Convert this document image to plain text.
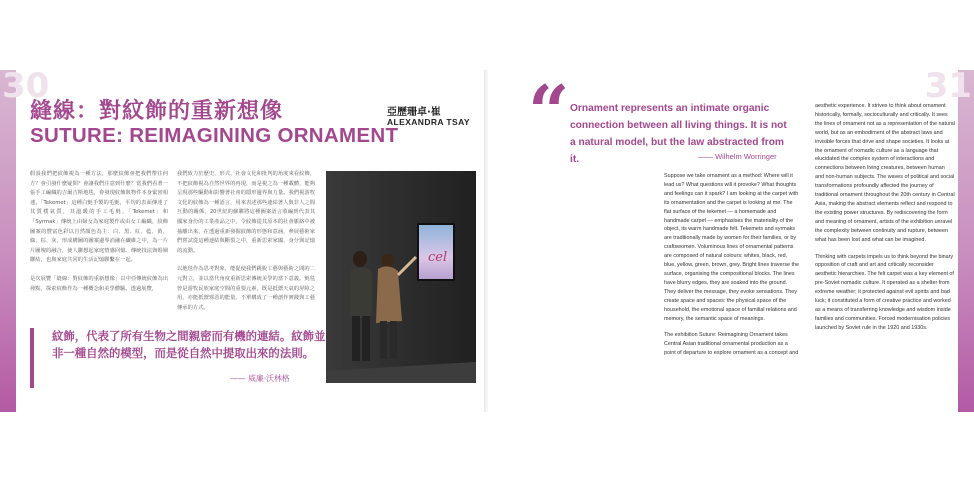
30
縫線：對紋飾的重新想像
SUTURE: REIMAGINING ORNAMENT
亞歷珊卓·崔
ALEXANDRA TSAY

假設我們把紋飾視為一種方法，那麼紋飾會把我們帶往何方？會引發什麼疑問？會讓我們注意到什麼？當我們看著一張手工編織的吉爾吉斯地毯，會發現紋飾與物件本身緊密相連。「Tekemet」這種白氈手製的毛氈，平均的表面傳達了其質樸氣質，其溫暖的手工毛氈，「Tekemet」和「Syrmak」傳統上由婦女為家庭製作或由女工編織，紋飾圖案的豐富色彩以自然顏色為主：白、黑、紅、藍、黃、綠、棕、灰，形成構圖的圖案邊界消融在纖維之中，為一片片圖塊的融合，使人聯想起家庭情感回憶、傳統技法與婚姻聯結，也與家庭共同的生活記憶聯繫在一起。

是次展覽「縫線：對紋飾的重新想像」以中亞傳統紋飾為出發點，探索紋飾作為一種概念和美學體驗。透過展覽，

我們致力於歷史、形式、社會文化和批判的角度來看紋飾，不把紋飾視為自然世界的再現，而是視之為一種載體，能夠呈現那些驅動和影響著社會的隱形邊界與力量。我們視游牧文化的紋飾為一種語言，用來表述那些連結著人與非人之間互動的關係，20世紀的蘇聯將這種圖案語言收編到代表其國家身份的工業產品之中，令紋飾從其原本的社會脈絡中被抽離出來，在透過重新發掘紋飾的形態和意涵，參展藝術家們嘗試從這種連結與斷裂之中，重新思索家國、身分與記憶的流動。

以地毯作為思考對象，能促使我們跳脫工藝與藝術之間的二元對立，並以當代角度重新思索傳統美學的當下意義。氈毯曾是游牧民族家庭空間的重要元素，既是抵禦天氣的屏障之用，亦能抵禦邪惡的能量，不單構成了一種創作實踐與工藝傳承的方式。

紋飾，代表了所有生物之間親密而有機的連結。紋飾並非一種自然的模型，而是從自然中提取出來的法則。
—— 威廉·沃林格
cel
31
“ Ornament represents an intimate organic connection between all living things. It is not a natural model, but the law abstracted from it.	—— Wilhelm Worringer

Suppose we take ornament as a method: Where will it lead us? What questions will it provoke? What thoughts and feelings can it spark? I am looking at the carpet with its ornamentation and the carpet is looking at me. The flat surface of the tekemet — a homemade and handmade carpet — emphasises the materiality of the object, its warm handmade felt. Tekemets and syrmaks are traditionally made by women for their families, or by craftswomen. Voluminous lines of ornamental patterns are composed of natural colours: whites, black, red, blue, yellow, green, brown, grey. Bright lines traverse the surface, organising the compositional blocks. The lines have blurry edges, they are soaked into the ground. They deliver the message, they evoke sensations. They create space and spaces: the physical space of the household, the emotional space of familial relations and memory, the semantic space of meanings.

The exhibition Suture: Reimagining Ornament takes Central Asian traditional ornamental production as a point of departure to explore ornament as a concept and

aesthetic experience. It strives to think about ornament historically, formally, socioculturally and critically. It sees the lines of ornament not as a representation of the natural world, but as an embodiment of the abstract laws and invisible forces that drive and shape societies. It looks at the ornament of nomadic culture as a language that elucidated the complex system of interactions and connections between living creatures, between human and non-human subjects. The waves of political and social transformations profoundly affected the journey of traditional ornament throughout the 20th century in Central Asia, making the abstract elements reflect and respond to the existing power structures. By rediscovering the form and meaning of ornament, artists of the exhibition unravel the complexity between continuity and rupture, between what has been lost and what can be imagined.

Thinking with carpets impels us to think beyond the binary opposition of craft and art and critically reconsider aesthetic hierarchies. The felt carpet was a key element of pre-Soviet nomadic culture. It operated as a shelter from extreme weather; it protected against evil spirits and bad luck; it constituted a form of creative practice and worked as a means of transferring knowledge and wisdom inside families and communities. Forced modernisation policies launched by Soviet rule in the 1920 and 1930s.
